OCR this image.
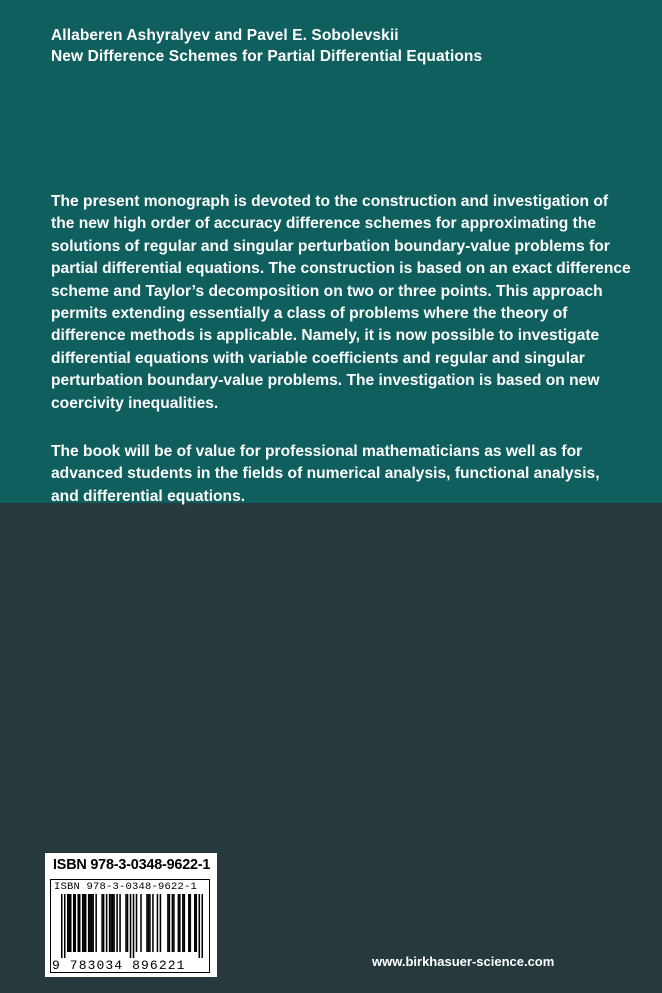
Allaberen Ashyralyev and Pavel E. Sobolevskii
New Difference Schemes for Partial Differential Equations

The present monograph is devoted to the construction and investigation of the new high order of accuracy difference schemes for approximating the solutions of regular and singular perturbation boundary-value problems for partial differential equations. The construction is based on an exact difference scheme and Taylor’s decomposition on two or three points. This approach permits extending essentially a class of problems where the theory of difference methods is applicable. Namely, it is now possible to investigate differential equations with variable coefficients and regular and singular perturbation boundary-value problems. The investigation is based on new coercivity inequalities.

The book will be of value for professional mathematicians as well as for advanced students in the fields of numerical analysis, functional analysis, and differential equations.

ISBN 978-3-0348-9622-1
ISBN 978-3-0348-9622-1
9 783034 896221	www.birkhasuer-science.com
